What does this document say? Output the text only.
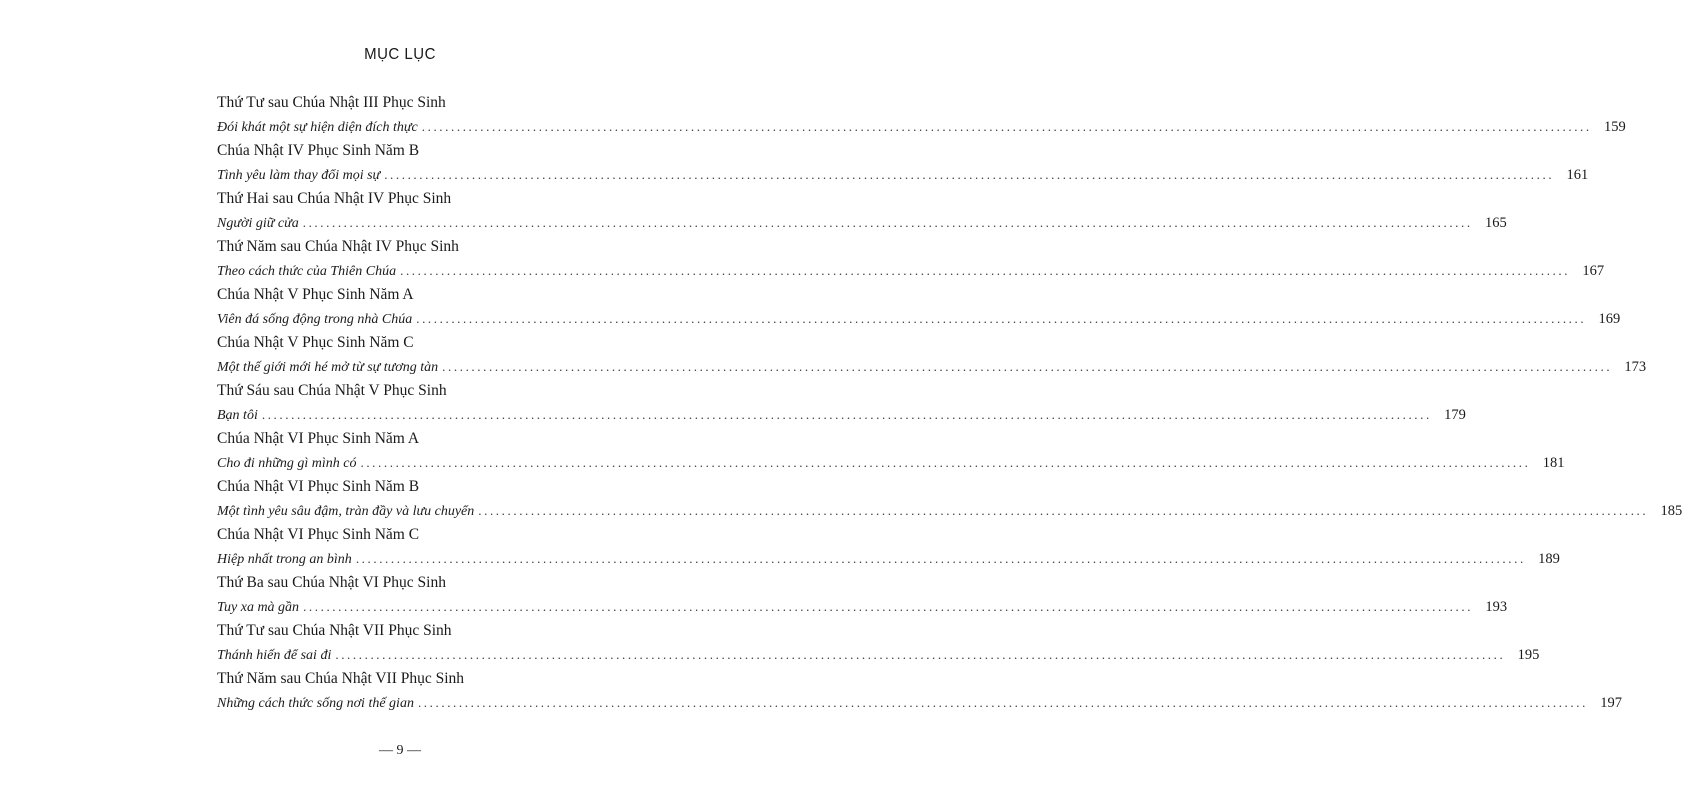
MỤC LỤC
Thứ Tư sau Chúa Nhật III Phục Sinh
Đói khát một sự hiện diện đích thực ........................................................................................................................................................................................................ 159
Chúa Nhật IV Phục Sinh Năm B
Tình yêu làm thay đổi mọi sự ........................................................................................................................................................................................................ 161
Thứ Hai sau Chúa Nhật IV Phục Sinh
Người giữ cửa ........................................................................................................................................................................................................ 165
Thứ Năm sau Chúa Nhật IV Phục Sinh
Theo cách thức của Thiên Chúa ........................................................................................................................................................................................................ 167
Chúa Nhật V Phục Sinh Năm A
Viên đá sống động trong nhà Chúa ........................................................................................................................................................................................................ 169
Chúa Nhật V Phục Sinh Năm C
Một thế giới mới hé mở từ sự tương tàn ........................................................................................................................................................................................................ 173
Thứ Sáu sau Chúa Nhật V Phục Sinh
Bạn tôi ........................................................................................................................................................................................................ 179
Chúa Nhật VI Phục Sinh Năm A
Cho đi những gì mình có ........................................................................................................................................................................................................ 181
Chúa Nhật VI Phục Sinh Năm B
Một tình yêu sâu đậm, tràn đầy và lưu chuyển ........................................................................................................................................................................................................ 185
Chúa Nhật VI Phục Sinh Năm C
Hiệp nhất trong an bình ........................................................................................................................................................................................................ 189
Thứ Ba sau Chúa Nhật VI Phục Sinh
Tuy xa mà gần ........................................................................................................................................................................................................ 193
Thứ Tư sau Chúa Nhật VII Phục Sinh
Thánh hiến để sai đi ........................................................................................................................................................................................................ 195
Thứ Năm sau Chúa Nhật VII Phục Sinh
Những cách thức sống nơi thế gian ........................................................................................................................................................................................................ 197
— 9 —
